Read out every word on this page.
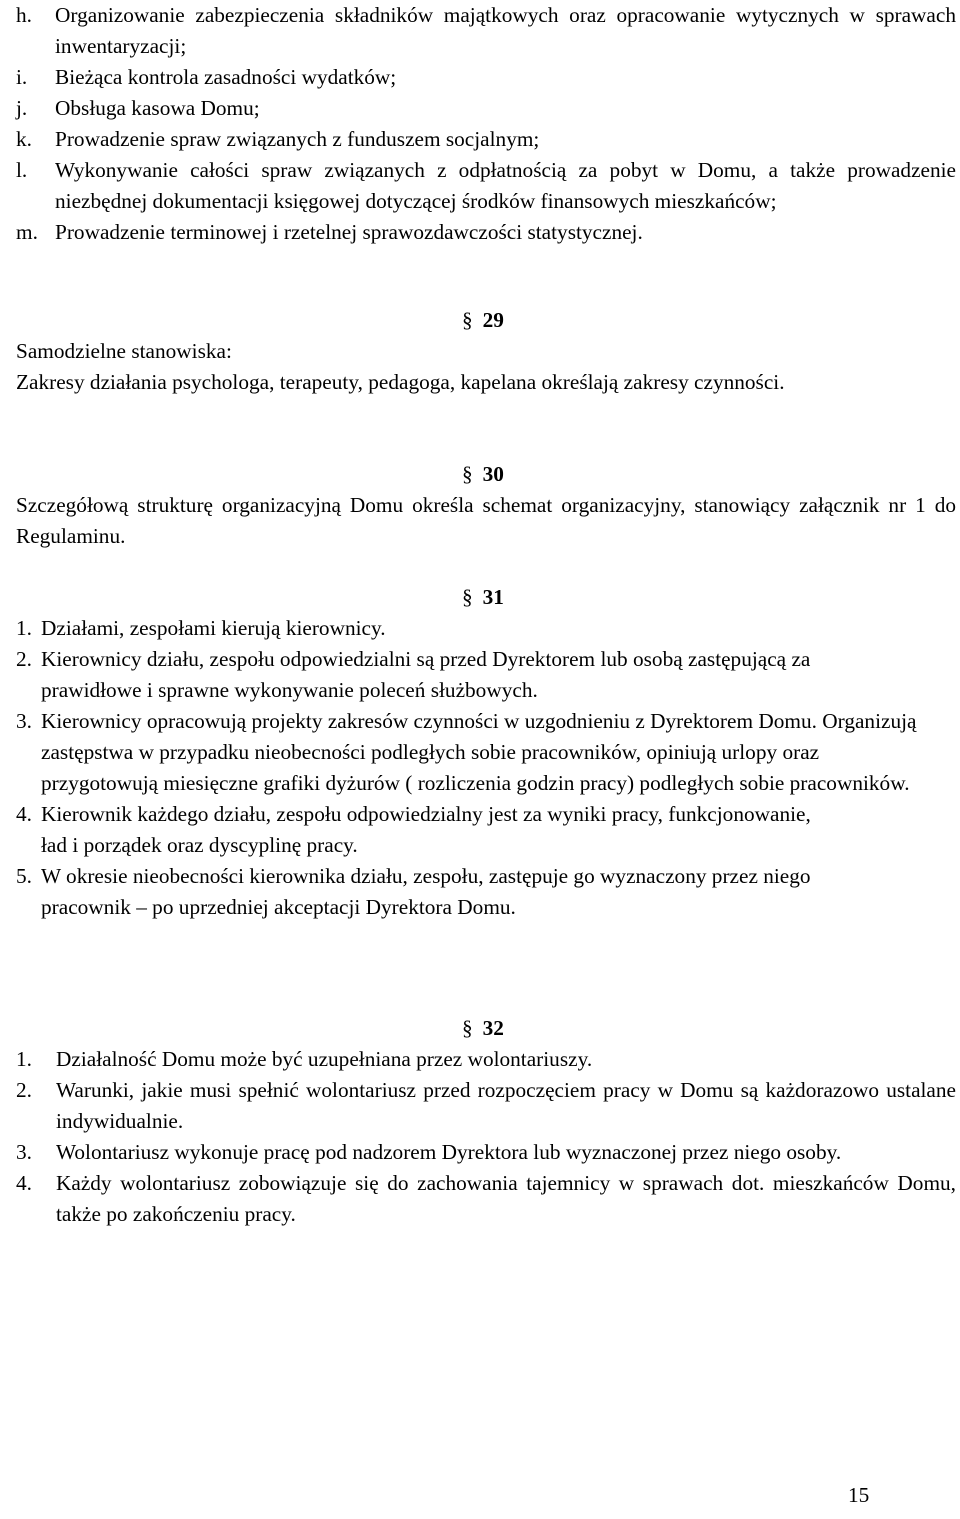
h. Organizowanie zabezpieczenia składników majątkowych oraz opracowanie wytycznych w sprawach inwentaryzacji;
i. Bieżąca kontrola zasadności wydatków;
j. Obsługa kasowa Domu;
k. Prowadzenie spraw związanych z funduszem socjalnym;
l. Wykonywanie całości spraw związanych z odpłatnością za pobyt w Domu, a także prowadzenie niezbędnej dokumentacji księgowej dotyczącej środków finansowych mieszkańców;
m. Prowadzenie terminowej i rzetelnej sprawozdawczości statystycznej.
§ 29
Samodzielne stanowiska:
Zakresy działania psychologa, terapeuty, pedagoga, kapelana określają zakresy czynności.
§ 30
Szczegółową strukturę organizacyjną Domu określa schemat organizacyjny, stanowiący załącznik nr 1 do Regulaminu.
§ 31
1. Działami, zespołami kierują kierownicy.
2. Kierownicy działu, zespołu odpowiedzialni są przed Dyrektorem lub osobą zastępującą za prawidłowe i sprawne wykonywanie poleceń służbowych.
3. Kierownicy opracowują projekty zakresów czynności w uzgodnieniu z Dyrektorem Domu. Organizują zastępstwa w przypadku nieobecności podległych sobie pracowników, opiniują urlopy oraz przygotowują miesięczne grafiki dyżurów ( rozliczenia godzin pracy) podległych sobie pracowników.
4. Kierownik każdego działu, zespołu odpowiedzialny jest za wyniki pracy, funkcjonowanie, ład i porządek oraz dyscyplinę pracy.
5. W okresie nieobecności kierownika działu, zespołu, zastępuje go wyznaczony przez niego pracownik – po uprzedniej akceptacji Dyrektora Domu.
§ 32
1. Działalność Domu może być uzupełniana przez wolontariuszy.
2. Warunki, jakie musi spełnić wolontariusz przed rozpoczęciem pracy w Domu są każdorazowo ustalane indywidualnie.
3. Wolontariusz wykonuje pracę pod nadzorem Dyrektora lub wyznaczonej przez niego osoby.
4. Każdy wolontariusz zobowiązuje się do zachowania tajemnicy w sprawach dot. mieszkańców Domu, także po zakończeniu pracy.
15
